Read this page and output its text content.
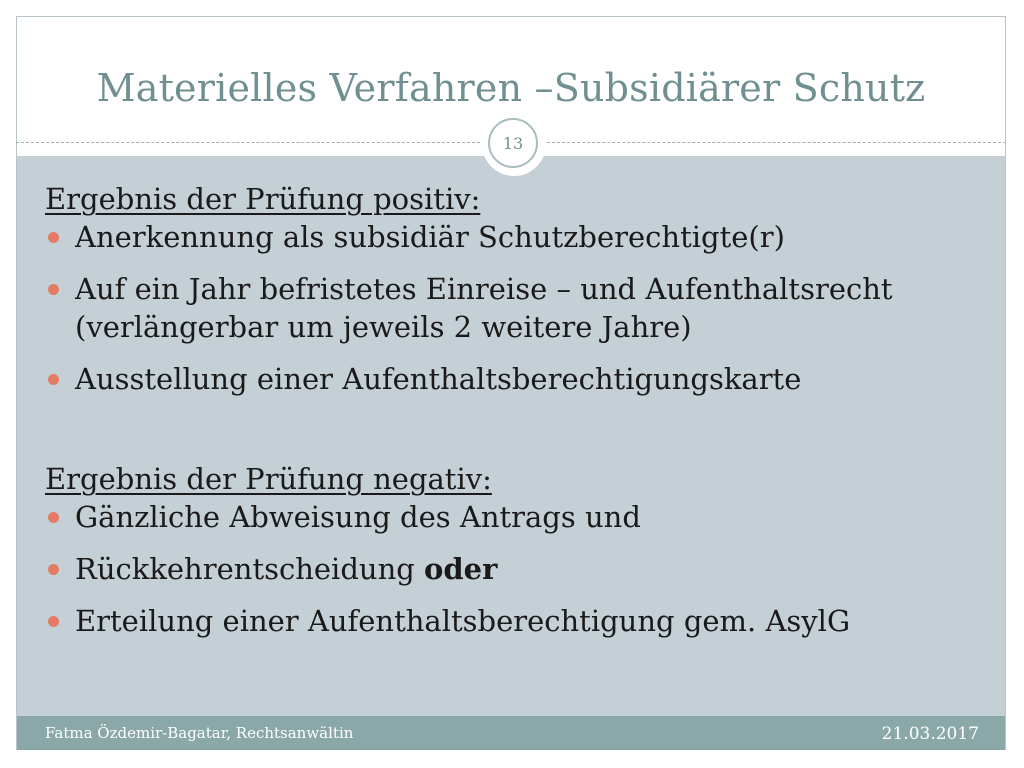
Materielles Verfahren –Subsidiärer Schutz
13

Ergebnis der Prüfung positiv:

Anerkennung als subsidiär Schutzberechtigte(r)
Auf ein Jahr befristetes Einreise – und Aufenthaltsrecht (verlängerbar um jeweils 2 weitere Jahre)
Ausstellung einer Aufenthaltsberechtigungskarte

Ergebnis der Prüfung negativ:

Gänzliche Abweisung des Antrags und
Rückkehrentscheidung oder
Erteilung einer Aufenthaltsberechtigung gem. AsylG
Fatma Özdemir-Bagatar, Rechtsanwältin	21.03.2017
